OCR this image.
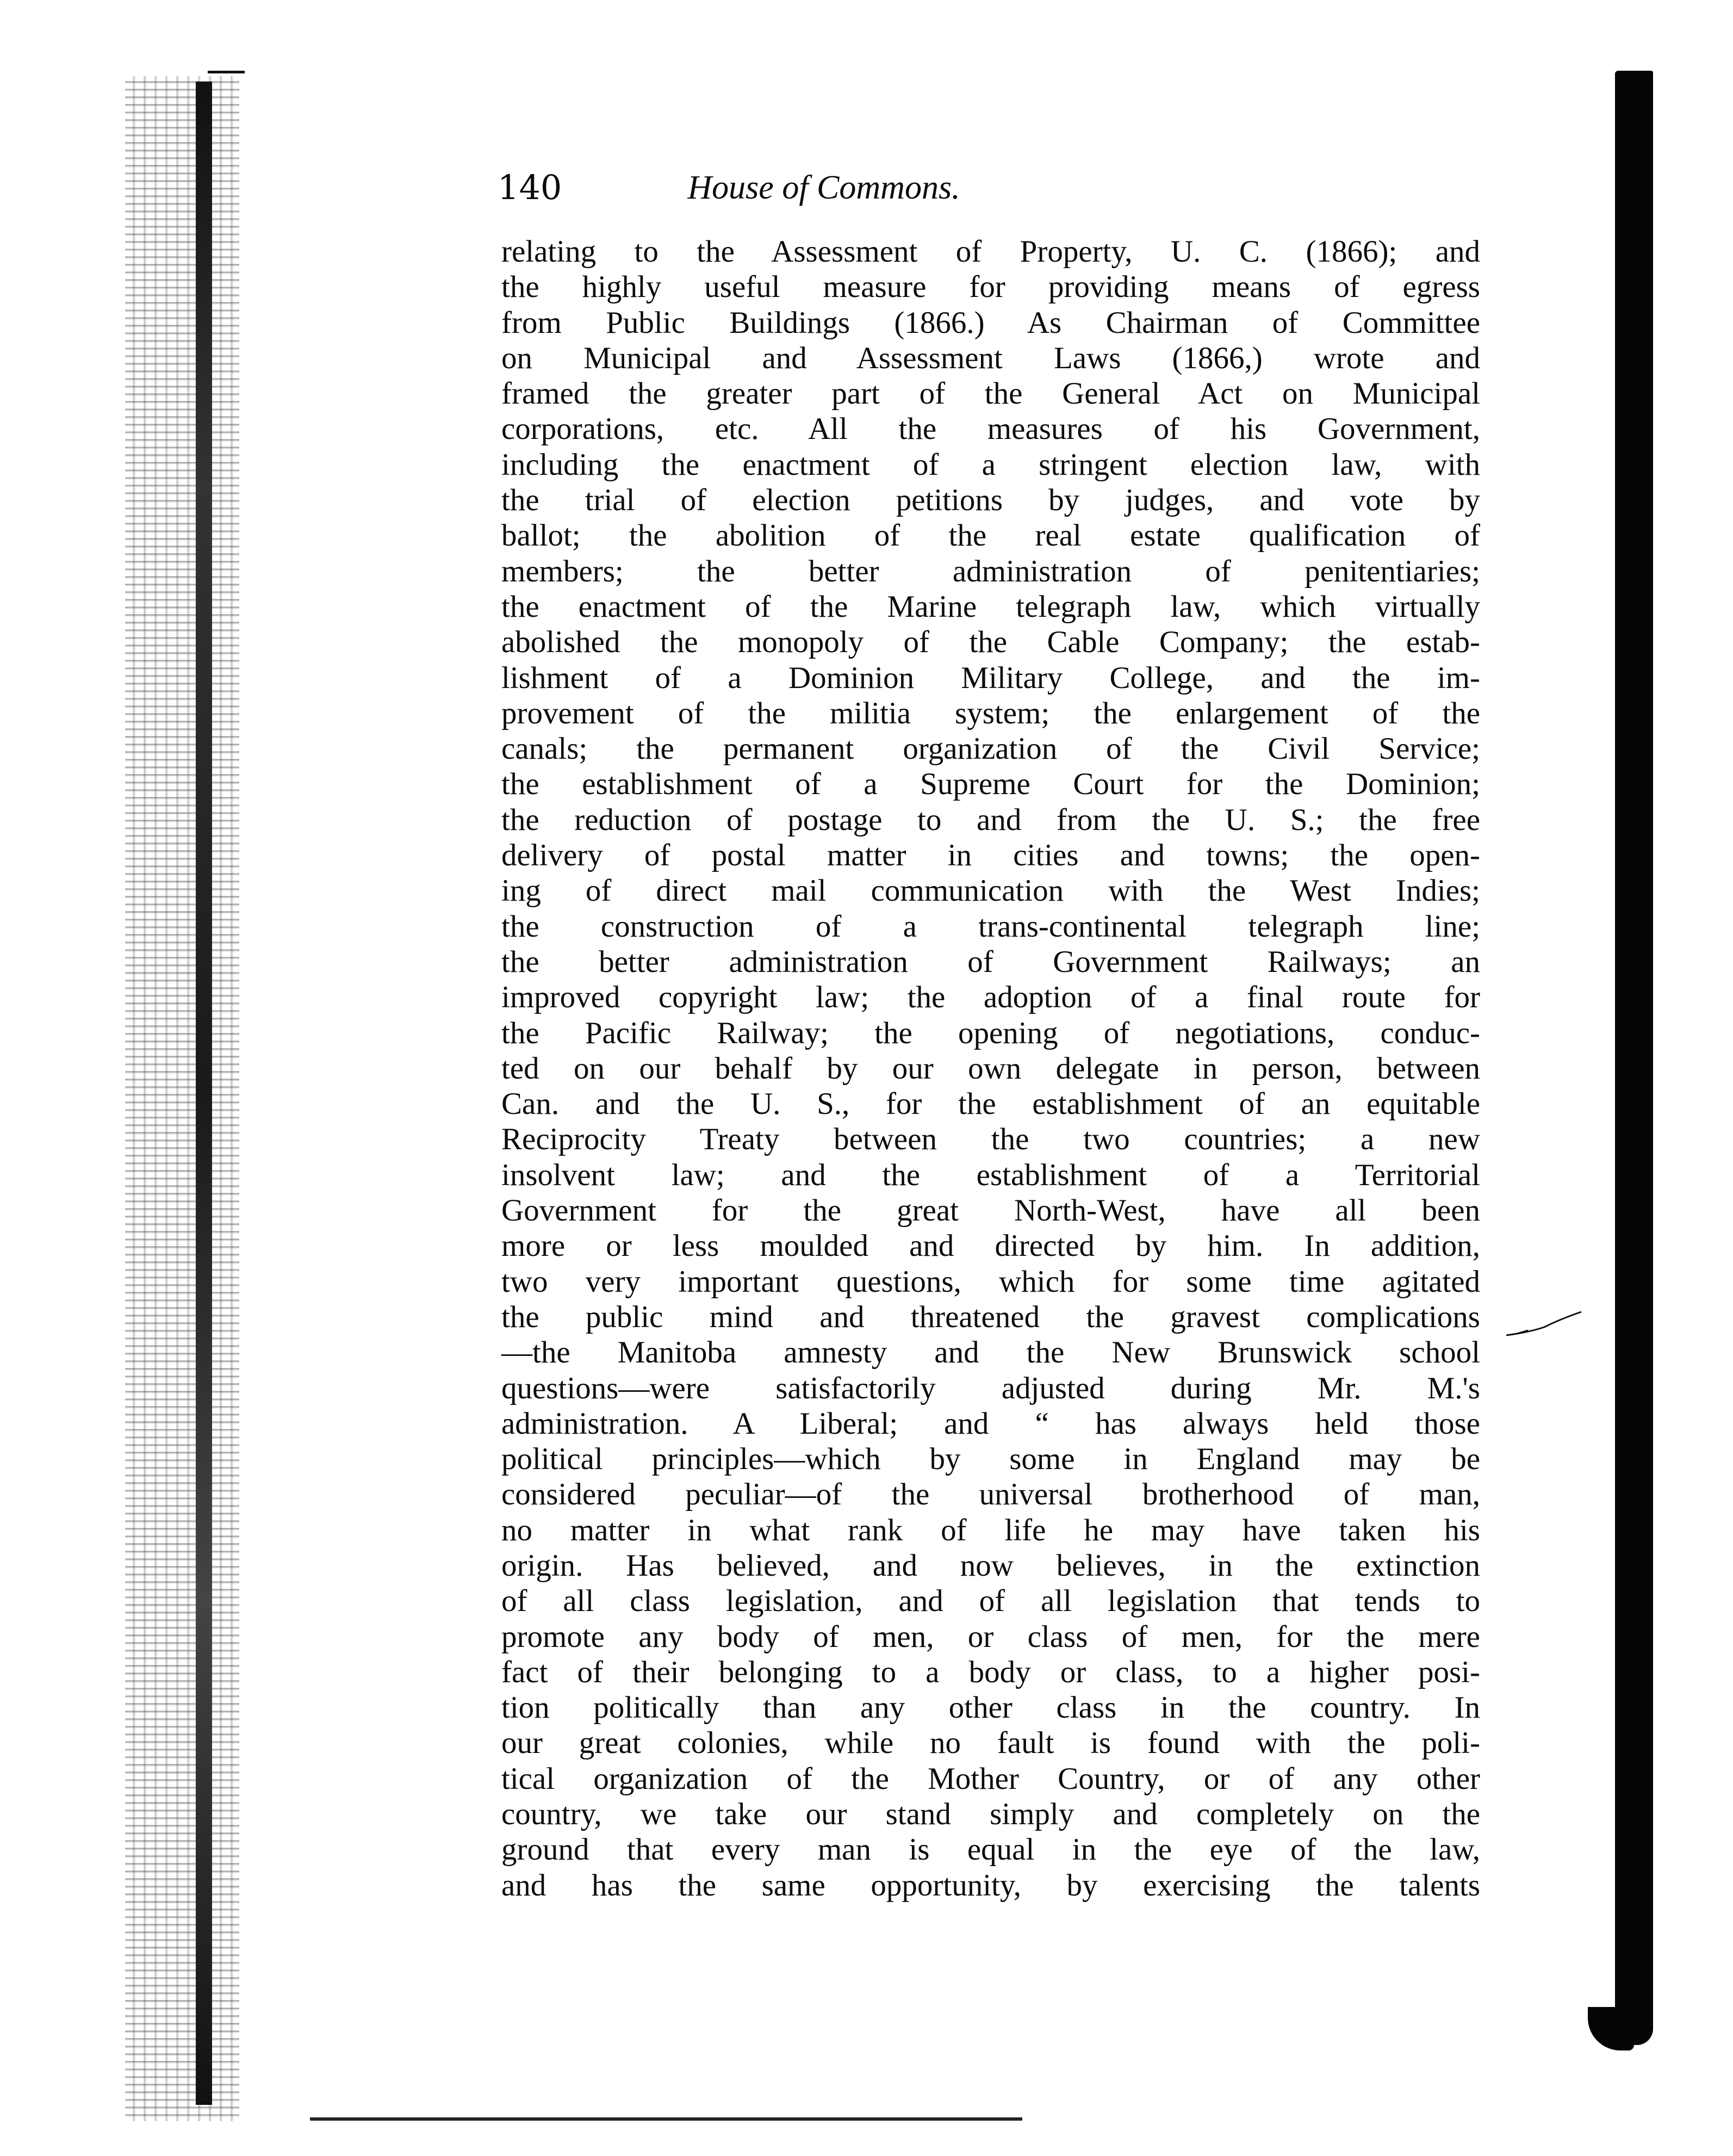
140	House of Commons.
relating to the Assessment of Property, U. C. (1866); and
the highly useful measure for providing means of egress
from Public Buildings (1866.) As Chairman of Committee
on Municipal and Assessment Laws (1866,) wrote and
framed the greater part of the General Act on Municipal
corporations, etc. All the measures of his Government,
including the enactment of a stringent election law, with
the trial of election petitions by judges, and vote by
ballot; the abolition of the real estate qualification of
members; the better administration of penitentiaries;
the enactment of the Marine telegraph law, which virtually
abolished the monopoly of the Cable Company; the estab-
lishment of a Dominion Military College, and the im-
provement of the militia system; the enlargement of the
canals; the permanent organization of the Civil Service;
the establishment of a Supreme Court for the Dominion;
the reduction of postage to and from the U. S.; the free
delivery of postal matter in cities and towns; the open-
ing of direct mail communication with the West Indies;
the construction of a trans-continental telegraph line;
the better administration of Government Railways; an
improved copyright law; the adoption of a final route for
the Pacific Railway; the opening of negotiations, conduc-
ted on our behalf by our own delegate in person, between
Can. and the U. S., for the establishment of an equitable
Reciprocity Treaty between the two countries; a new
insolvent law; and the establishment of a Territorial
Government for the great North-West, have all been
more or less moulded and directed by him. In addition,
two very important questions, which for some time agitated
the public mind and threatened the gravest complications
—the Manitoba amnesty and the New Brunswick school
questions—were satisfactorily adjusted during Mr. M.'s
administration. A Liberal; and “ has always held those
political principles—which by some in England may be
considered peculiar—of the universal brotherhood of man,
no matter in what rank of life he may have taken his
origin. Has believed, and now believes, in the extinction
of all class legislation, and of all legislation that tends to
promote any body of men, or class of men, for the mere
fact of their belonging to a body or class, to a higher posi-
tion politically than any other class in the country. In
our great colonies, while no fault is found with the poli-
tical organization of the Mother Country, or of any other
country, we take our stand simply and completely on the
ground that every man is equal in the eye of the law,
and has the same opportunity, by exercising the talents
